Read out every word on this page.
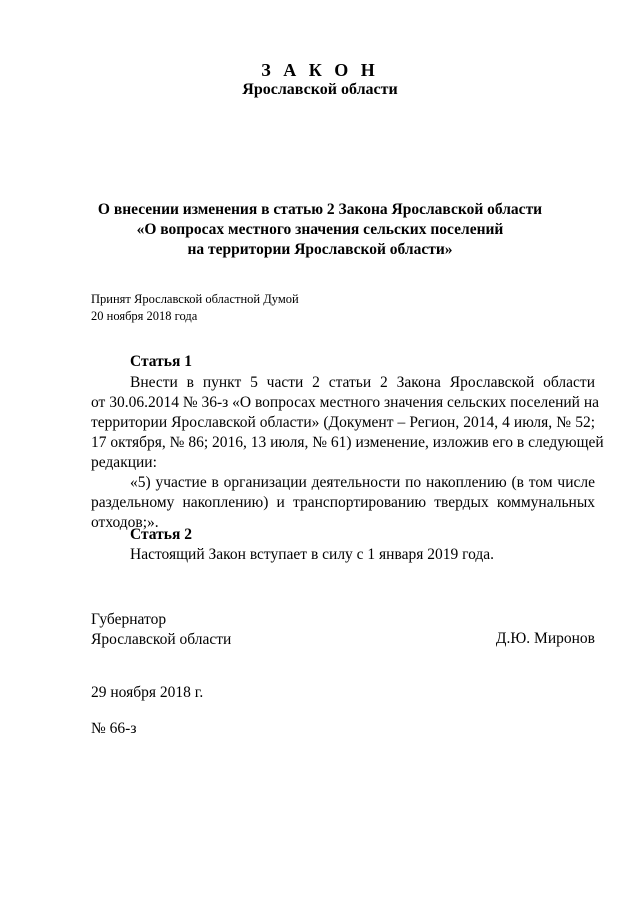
З А К О Н
Ярославской области
О внесении изменения в статью 2 Закона Ярославской области
«О вопросах местного значения сельских поселений
на территории Ярославской области»
Принят Ярославской областной Думой
20 ноября 2018 года
Статья 1
Внести в пункт 5 части 2 статьи 2 Закона Ярославской области
от 30.06.2014 № 36-з «О вопросах местного значения сельских поселений на
территории Ярославской области» (Документ – Регион, 2014, 4 июля, № 52;
17 октября, № 86; 2016, 13 июля, № 61) изменение, изложив его в следующей
редакции:
«5) участие в организации деятельности по накоплению (в том числе
раздельному накоплению) и транспортированию твердых коммунальных
отходов;».
Статья 2
Настоящий Закон вступает в силу с 1 января 2019 года.
Губернатор
Ярославской области	Д.Ю. Миронов
29 ноября 2018 г.
№ 66-з
